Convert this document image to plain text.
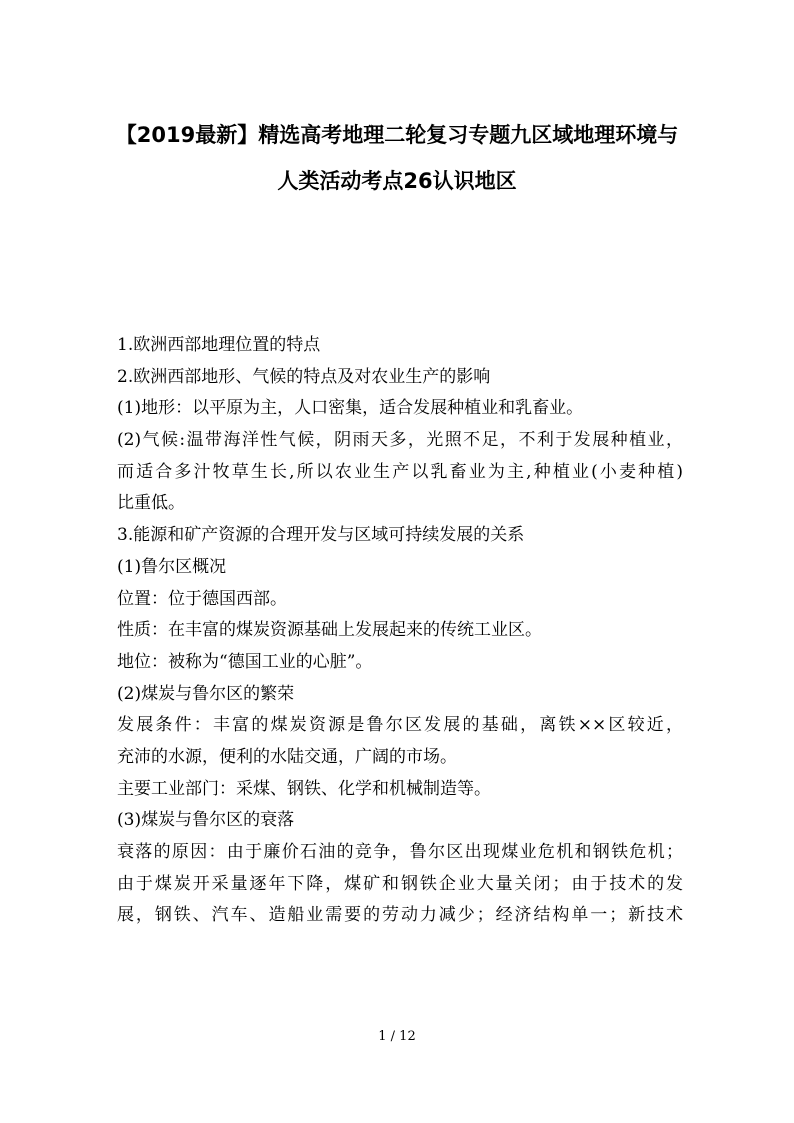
【2019最新】精选高考地理二轮复习专题九区域地理环境与
人类活动考点26认识地区
1.欧洲西部地理位置的特点
2.欧洲西部地形、气候的特点及对农业生产的影响
(1)地形：以平原为主，人口密集，适合发展种植业和乳畜业。
(2)气候:温带海洋性气候，阴雨天多，光照不足，不利于发展种植业，
而适合多汁牧草生长,所以农业生产以乳畜业为主,种植业(小麦种植)
比重低。
3.能源和矿产资源的合理开发与区域可持续发展的关系
(1)鲁尔区概况
位置：位于德国西部。
性质：在丰富的煤炭资源基础上发展起来的传统工业区。
地位：被称为“德国工业的心脏”。
(2)煤炭与鲁尔区的繁荣
发展条件：丰富的煤炭资源是鲁尔区发展的基础，离铁××区较近，
充沛的水源，便利的水陆交通，广阔的市场。
主要工业部门：采煤、钢铁、化学和机械制造等。
(3)煤炭与鲁尔区的衰落
衰落的原因：由于廉价石油的竞争，鲁尔区出现煤业危机和钢铁危机；
由于煤炭开采量逐年下降，煤矿和钢铁企业大量关闭；由于技术的发
展，钢铁、汽车、造船业需要的劳动力减少；经济结构单一；新技术
1 / 12
